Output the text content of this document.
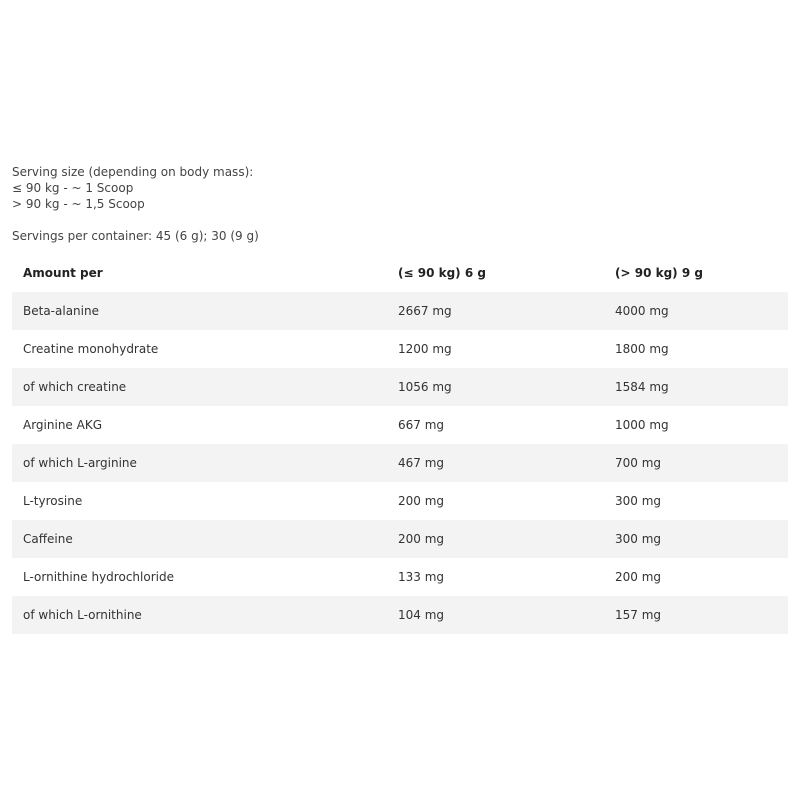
Serving size (depending on body mass):
≤ 90 kg - ~ 1 Scoop
> 90 kg - ~ 1,5 Scoop
Servings per container: 45 (6 g); 30 (9 g)
Amount per	(≤ 90 kg) 6 g	(> 90 kg) 9 g
Beta-alanine	2667 mg	4000 mg
Creatine monohydrate	1200 mg	1800 mg
of which creatine	1056 mg	1584 mg
Arginine AKG	667 mg	1000 mg
of which L-arginine	467 mg	700 mg
L-tyrosine	200 mg	300 mg
Caffeine	200 mg	300 mg
L-ornithine hydrochloride	133 mg	200 mg
of which L-ornithine	104 mg	157 mg
